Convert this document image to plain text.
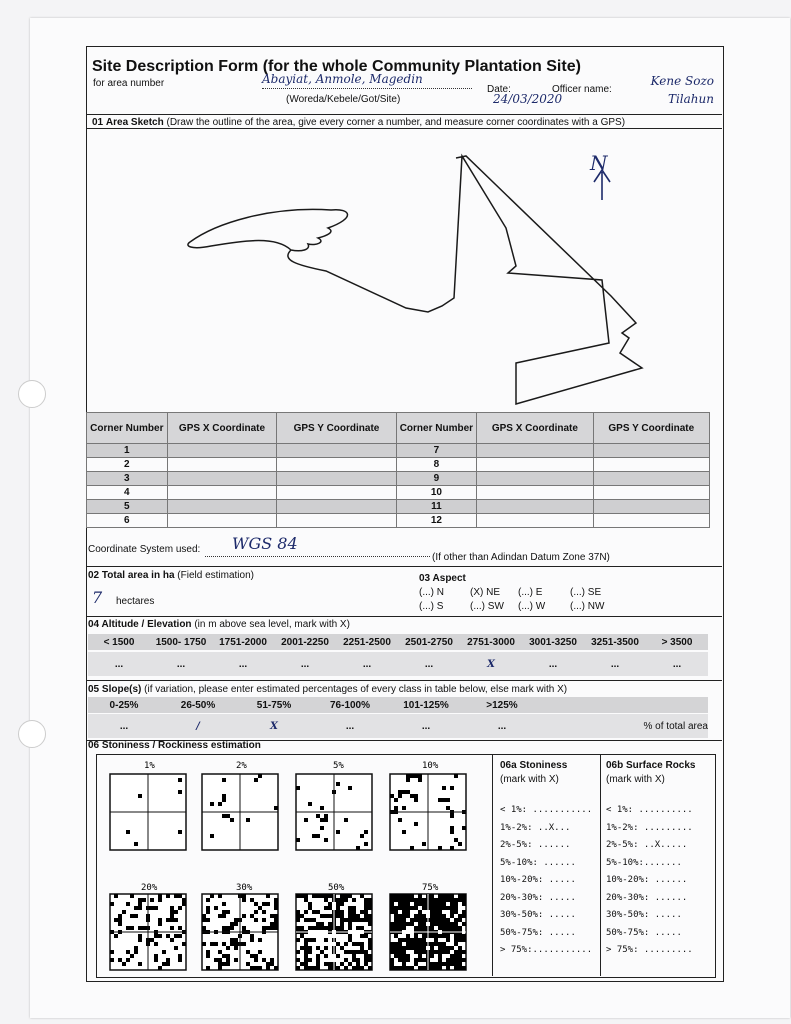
Site Description Form (for the whole Community Plantation Site)
for area number	Abayiat, Anmole, Magedin
(Woreda/Kebele/Got/Site)
Date:
24/03/2020
Officer name:
Kene Sozo Tilahun
01 Area Sketch (Draw the outline of the area, give every corner a number, and measure corner coordinates with a GPS)
N
Corner Number	GPS X Coordinate	GPS Y Coordinate	Corner Number	GPS X Coordinate	GPS Y Coordinate
1			7		
2			8		
3			9		
4			10		
5			11		
6			12		
Coordinate System used: WGS 84
(If other than Adindan Datum Zone 37N)
02 Total area in ha (Field estimation)
7 hectares
03 Aspect
(...) N	(X) NE (...) E	(...) SE
(...) S	(...) SW (...) W (...) NW
04 Altitude / Elevation (in m above sea level, mark with X)
< 1500	1500- 1750	1751-2000	2001-2250	2251-2500	2501-2750	2751-3000	3001-3250	3251-3500	> 3500
...	...	...	...	...	...	X	...	...	...
05 Slope(s) (if variation, please enter estimated percentages of every class in table below, else mark with X)
0-25%	26-50%	51-75%	76-100%	101-125%	>125%
...	/	X	...	...	...	% of total area
06 Stoniness / Rockiness estimation
1%	2%	5%	10%
20%	30%	50%	75%
06a Stoniness
(mark with X)
06b Surface Rocks
(mark with X)
< 1%: ...........
1%-2%: ..X...
2%-5%: ......
5%-10%: ......
10%-20%: .....
20%-30%: .....
30%-50%: .....
50%-75%: .....
> 75%:...........
< 1%: ..........
1%-2%: .........
2%-5%: ..X.....
5%-10%:.......
10%-20%: ......
20%-30%: ......
30%-50%: .....
50%-75%: .....
> 75%: .........
